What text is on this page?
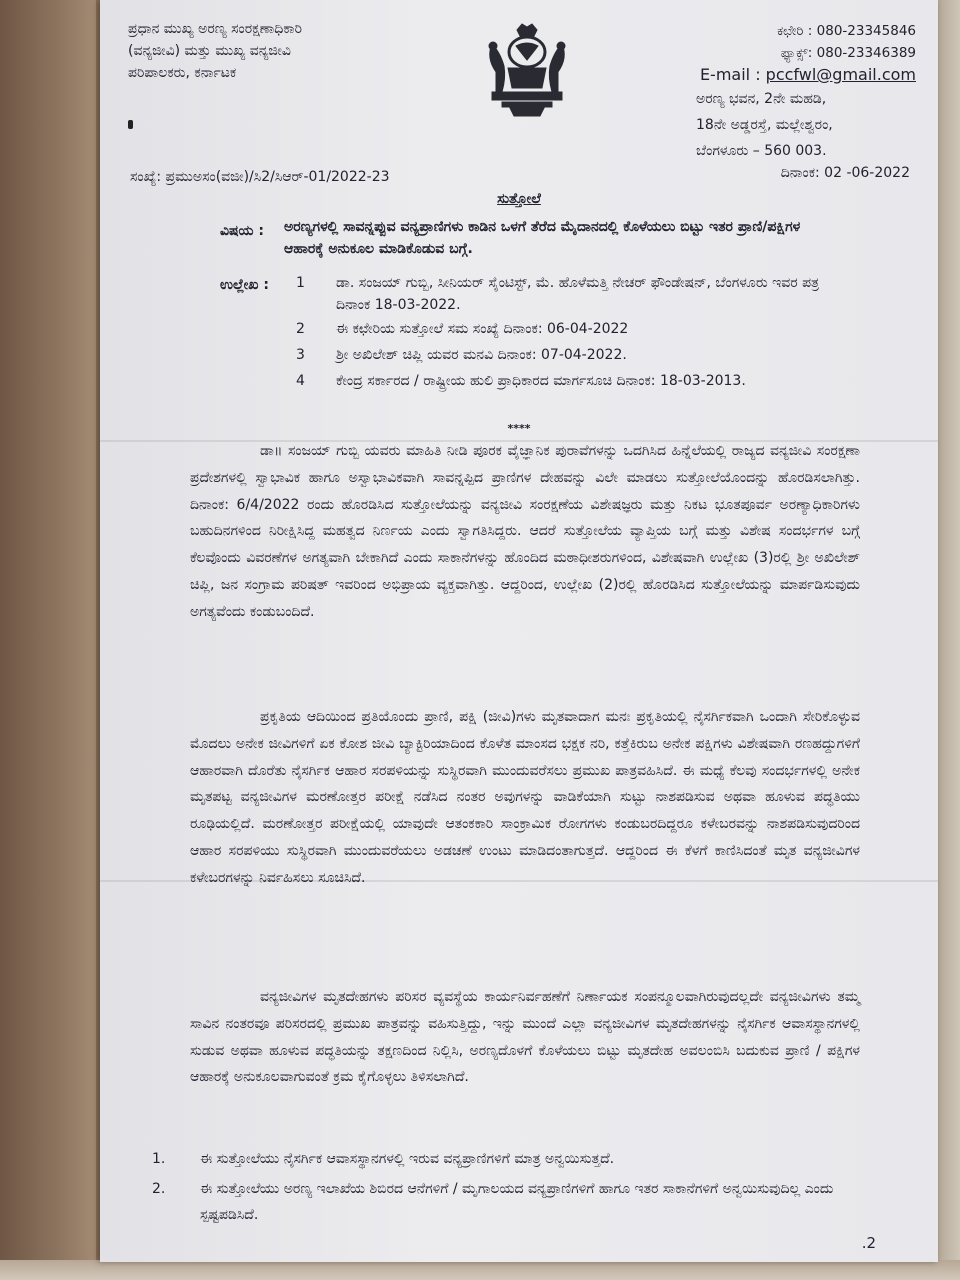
ಪ್ರಧಾನ ಮುಖ್ಯ ಅರಣ್ಯ ಸಂರಕ್ಷಣಾಧಿಕಾರಿ
(ವನ್ಯಜೀವಿ) ಮತ್ತು ಮುಖ್ಯ ವನ್ಯಜೀವಿ
ಪರಿಪಾಲಕರು, ಕರ್ನಾಟಕ
ಕಛೇರಿ : 080-23345846
ಫ್ಯಾಕ್ಸ್: 080-23346389
E-mail : pccfwl@gmail.com
ಅರಣ್ಯ ಭವನ, 2ನೇ ಮಹಡಿ,
18ನೇ ಅಡ್ಡರಸ್ತೆ, ಮಲ್ಲೇಶ್ವರಂ,
ಬೆಂಗಳೂರು – 560 003.
ಸಂಖ್ಯೆ: ಪ್ರಮುಅಸಂ(ವಜೀ)/ಸಿ2/ಸಿಆರ್-01/2022-23	ದಿನಾಂಕ: 02 -06-2022
ಸುತ್ತೋಲೆ
ವಿಷಯ : ಅರಣ್ಯಗಳಲ್ಲಿ ಸಾವನ್ನಪ್ಪುವ ವನ್ಯಪ್ರಾಣಿಗಳು ಕಾಡಿನ ಒಳಗೆ ತೆರೆದ ಮೈದಾನದಲ್ಲಿ ಕೊಳೆಯಲು ಬಿಟ್ಟು ಇತರ ಪ್ರಾಣಿ/ಪಕ್ಷಿಗಳ ಆಹಾರಕ್ಕೆ ಅನುಕೂಲ ಮಾಡಿಕೊಡುವ ಬಗ್ಗೆ.
ಉಲ್ಲೇಖ : 1 ಡಾ. ಸಂಜಯ್ ಗುಬ್ಬಿ, ಸೀನಿಯರ್ ಸೈಂಟಿಸ್ಟ್, ಮೆ. ಹೊಳೆಮತ್ತಿ ನೇಚರ್ ಫೌಂಡೇಷನ್, ಬೆಂಗಳೂರು ಇವರ ಪತ್ರ ದಿನಾಂಕ 18-03-2022.
2 ಈ ಕಛೇರಿಯ ಸುತ್ತೋಲೆ ಸಮ ಸಂಖ್ಯೆ ದಿನಾಂಕ: 06-04-2022
3 ಶ್ರೀ ಅಖಿಲೇಶ್ ಚಿಪ್ಲಿ ಯವರ ಮನವಿ ದಿನಾಂಕ: 07-04-2022.
4 ಕೇಂದ್ರ ಸರ್ಕಾರದ / ರಾಷ್ಟ್ರೀಯ ಹುಲಿ ಪ್ರಾಧಿಕಾರದ ಮಾರ್ಗಸೂಚಿ ದಿನಾಂಕ: 18-03-2013.
****

ಡಾ॥ ಸಂಜಯ್ ಗುಬ್ಬಿ ಯವರು ಮಾಹಿತಿ ನೀಡಿ ಪೂರಕ ವೈಜ್ಞಾನಿಕ ಪುರಾವೆಗಳನ್ನು ಒದಗಿಸಿದ ಹಿನ್ನೆಲೆಯಲ್ಲಿ ರಾಜ್ಯದ ವನ್ಯಜೀವಿ ಸಂರಕ್ಷಣಾ ಪ್ರದೇಶಗಳಲ್ಲಿ ಸ್ವಾಭಾವಿಕ ಹಾಗೂ ಅಸ್ವಾಭಾವಿಕವಾಗಿ ಸಾವನ್ನಪ್ಪಿದ ಪ್ರಾಣಿಗಳ ದೇಹವನ್ನು ವಿಲೇ ಮಾಡಲು ಸುತ್ತೋಲೆಯೊಂದನ್ನು ಹೊರಡಿಸಲಾಗಿತ್ತು. ದಿನಾಂಕ: 6/4/2022 ರಂದು ಹೊರಡಿಸಿದ ಸುತ್ತೋಲೆಯನ್ನು ವನ್ಯಜೀವಿ ಸಂರಕ್ಷಣೆಯ ವಿಶೇಷಜ್ಞರು ಮತ್ತು ನಿಕಟ ಭೂತಪೂರ್ವ ಅರಣ್ಯಾಧಿಕಾರಿಗಳು ಬಹುದಿನಗಳಿಂದ ನಿರೀಕ್ಷಿಸಿದ್ದ ಮಹತ್ವದ ನಿರ್ಣಯ ಎಂದು ಸ್ವಾಗತಿಸಿದ್ದರು. ಆದರೆ ಸುತ್ತೋಲೆಯ ವ್ಯಾಪ್ತಿಯ ಬಗ್ಗೆ ಮತ್ತು ವಿಶೇಷ ಸಂದರ್ಭಗಳ ಬಗ್ಗೆ ಕೆಲವೊಂದು ವಿವರಣೆಗಳ ಅಗತ್ಯವಾಗಿ ಬೇಕಾಗಿದೆ ಎಂದು ಸಾಕಾನೆಗಳನ್ನು ಹೊಂದಿದ ಮಠಾಧೀಶರುಗಳಿಂದ, ವಿಶೇಷವಾಗಿ ಉಲ್ಲೇಖ (3)ರಲ್ಲಿ ಶ್ರೀ ಅಖಿಲೇಶ್ ಚಿಪ್ಲಿ, ಜನ ಸಂಗ್ರಾಮ ಪರಿಷತ್ ಇವರಿಂದ ಅಭಿಪ್ರಾಯ ವ್ಯಕ್ತವಾಗಿತ್ತು. ಆದ್ದರಿಂದ, ಉಲ್ಲೇಖ (2)ರಲ್ಲಿ ಹೊರಡಿಸಿದ ಸುತ್ತೋಲೆಯನ್ನು ಮಾರ್ಪಡಿಸುವುದು ಅಗತ್ಯವೆಂದು ಕಂಡುಬಂದಿದೆ.

ಪ್ರಕೃತಿಯ ಆದಿಯಿಂದ ಪ್ರತಿಯೊಂದು ಪ್ರಾಣಿ, ಪಕ್ಷಿ (ಜೀವಿ)ಗಳು ಮೃತವಾದಾಗ ಮನಃ ಪ್ರಕೃತಿಯಲ್ಲಿ ನೈಸರ್ಗಿಕವಾಗಿ ಒಂದಾಗಿ ಸೇರಿಕೊಳ್ಳುವ ಮೊದಲು ಅನೇಕ ಜೀವಿಗಳಿಗೆ ಏಕ ಕೋಶ ಜೀವಿ ಬ್ಯಾಕ್ಟಿರಿಯಾದಿಂದ ಕೊಳೆತ ಮಾಂಸದ ಭಕ್ಷಕ ನರಿ, ಕತ್ತೆಕಿರುಬ ಅನೇಕ ಪಕ್ಷಿಗಳು ವಿಶೇಷವಾಗಿ ರಣಹದ್ದುಗಳಿಗೆ ಆಹಾರವಾಗಿ ದೊರೆತು ನೈಸರ್ಗಿಕ ಆಹಾರ ಸರಪಳಿಯನ್ನು ಸುಸ್ಥಿರವಾಗಿ ಮುಂದುವರೆಸಲು ಪ್ರಮುಖ ಪಾತ್ರವಹಿಸಿದೆ. ಈ ಮಧ್ಯೆ ಕೆಲವು ಸಂದರ್ಭಗಳಲ್ಲಿ ಅನೇಕ ಮೃತಪಟ್ಟ ವನ್ಯಜೀವಿಗಳ ಮರಣೋತ್ತರ ಪರೀಕ್ಷೆ ನಡೆಸಿದ ನಂತರ ಅವುಗಳನ್ನು ವಾಡಿಕೆಯಾಗಿ ಸುಟ್ಟು ನಾಶಪಡಿಸುವ ಅಥವಾ ಹೂಳುವ ಪದ್ಧತಿಯು ರೂಢಿಯಲ್ಲಿದೆ. ಮರಣೋತ್ತರ ಪರೀಕ್ಷೆಯಲ್ಲಿ ಯಾವುದೇ ಆತಂಕಕಾರಿ ಸಾಂಕ್ರಾಮಿಕ ರೋಗಗಳು ಕಂಡುಬರದಿದ್ದರೂ ಕಳೇಬರವನ್ನು ನಾಶಪಡಿಸುವುದರಿಂದ ಆಹಾರ ಸರಪಳಿಯು ಸುಸ್ಥಿರವಾಗಿ ಮುಂದುವರೆಯಲು ಅಡಚಣೆ ಉಂಟು ಮಾಡಿದಂತಾಗುತ್ತದೆ. ಆದ್ದರಿಂದ ಈ ಕೆಳಗೆ ಕಾಣಿಸಿದಂತೆ ಮೃತ ವನ್ಯಜೀವಿಗಳ ಕಳೇಬರಗಳನ್ನು ನಿರ್ವಹಿಸಲು ಸೂಚಿಸಿದೆ.

ವನ್ಯಜೀವಿಗಳ ಮೃತದೇಹಗಳು ಪರಿಸರ ವ್ಯವಸ್ಥೆಯ ಕಾರ್ಯನಿರ್ವಹಣೆಗೆ ನಿರ್ಣಾಯಕ ಸಂಪನ್ಮೂಲವಾಗಿರುವುದಲ್ಲದೇ ವನ್ಯಜೀವಿಗಳು ತಮ್ಮ ಸಾವಿನ ನಂತರವೂ ಪರಿಸರದಲ್ಲಿ ಪ್ರಮುಖ ಪಾತ್ರವನ್ನು ವಹಿಸುತ್ತಿದ್ದು, ಇನ್ನು ಮುಂದೆ ಎಲ್ಲಾ ವನ್ಯಜೀವಿಗಳ ಮೃತದೇಹಗಳನ್ನು ನೈಸರ್ಗಿಕ ಆವಾಸಸ್ಥಾನಗಳಲ್ಲಿ ಸುಡುವ ಅಥವಾ ಹೂಳುವ ಪದ್ಧತಿಯನ್ನು ತಕ್ಷಣದಿಂದ ನಿಲ್ಲಿಸಿ, ಅರಣ್ಯದೊಳಗೆ ಕೊಳೆಯಲು ಬಿಟ್ಟು ಮೃತದೇಹ ಅವಲಂಬಿಸಿ ಬದುಕುವ ಪ್ರಾಣಿ / ಪಕ್ಷಿಗಳ ಆಹಾರಕ್ಕೆ ಅನುಕೂಲವಾಗುವಂತೆ ಕ್ರಮ ಕೈಗೊಳ್ಳಲು ತಿಳಿಸಲಾಗಿದೆ.

1. ಈ ಸುತ್ತೋಲೆಯು ನೈಸರ್ಗಿಕ ಆವಾಸಸ್ಥಾನಗಳಲ್ಲಿ ಇರುವ ವನ್ಯಪ್ರಾಣಿಗಳಿಗೆ ಮಾತ್ರ ಅನ್ವಯಿಸುತ್ತದೆ.
2. ಈ ಸುತ್ತೋಲೆಯು ಅರಣ್ಯ ಇಲಾಖೆಯ ಶಿಬಿರದ ಆನೆಗಳಿಗೆ / ಮೃಗಾಲಯದ ವನ್ಯಪ್ರಾಣಿಗಳಿಗೆ ಹಾಗೂ ಇತರ ಸಾಕಾನೆಗಳಿಗೆ ಅನ್ವಯಿಸುವುದಿಲ್ಲ ಎಂದು ಸ್ಪಷ್ಟಪಡಿಸಿದೆ.
.2
